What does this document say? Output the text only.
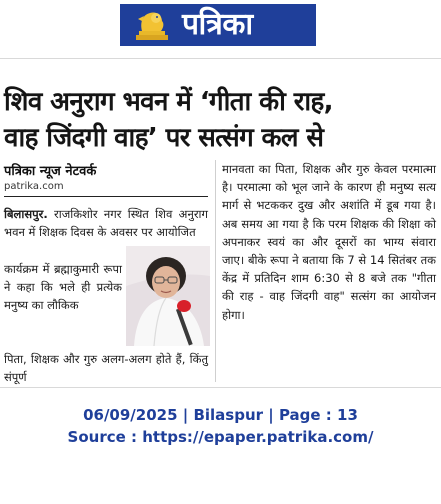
पत्रिका
शिव अनुराग भवन में ‘गीता की राह,
वाह जिंदगी वाह’ पर सत्संग कल से
पत्रिका न्यूज नेटवर्क
patrika.com
बिलासपुर. राजकिशोर नगर स्थित शिव अनुराग भवन में शिक्षक दिवस के अवसर पर आयोजित
कार्यक्रम में ब्रह्माकुमारी रूपा ने कहा कि भले ही प्रत्येक मनुष्य का लौकिक
पिता, शिक्षक और गुरु अलग-अलग होते हैं, किंतु संपूर्ण
मानवता का पिता, शिक्षक और गुरु केवल परमात्मा है। परमात्मा को भूल जाने के कारण ही मनुष्य सत्य मार्ग से भटककर दुख और अशांति में डूब गया है। अब समय आ गया है कि परम शिक्षक की शिक्षा को अपनाकर स्वयं का और दूसरों का भाग्य संवारा जाए। बीके रूपा ने बताया कि 7 से 14 सितंबर तक केंद्र में प्रतिदिन शाम 6:30 से 8 बजे तक "गीता की राह - वाह जिंदगी वाह" सत्संग का आयोजन होगा।
06/09/2025 | Bilaspur | Page : 13
Source : https://epaper.patrika.com/
